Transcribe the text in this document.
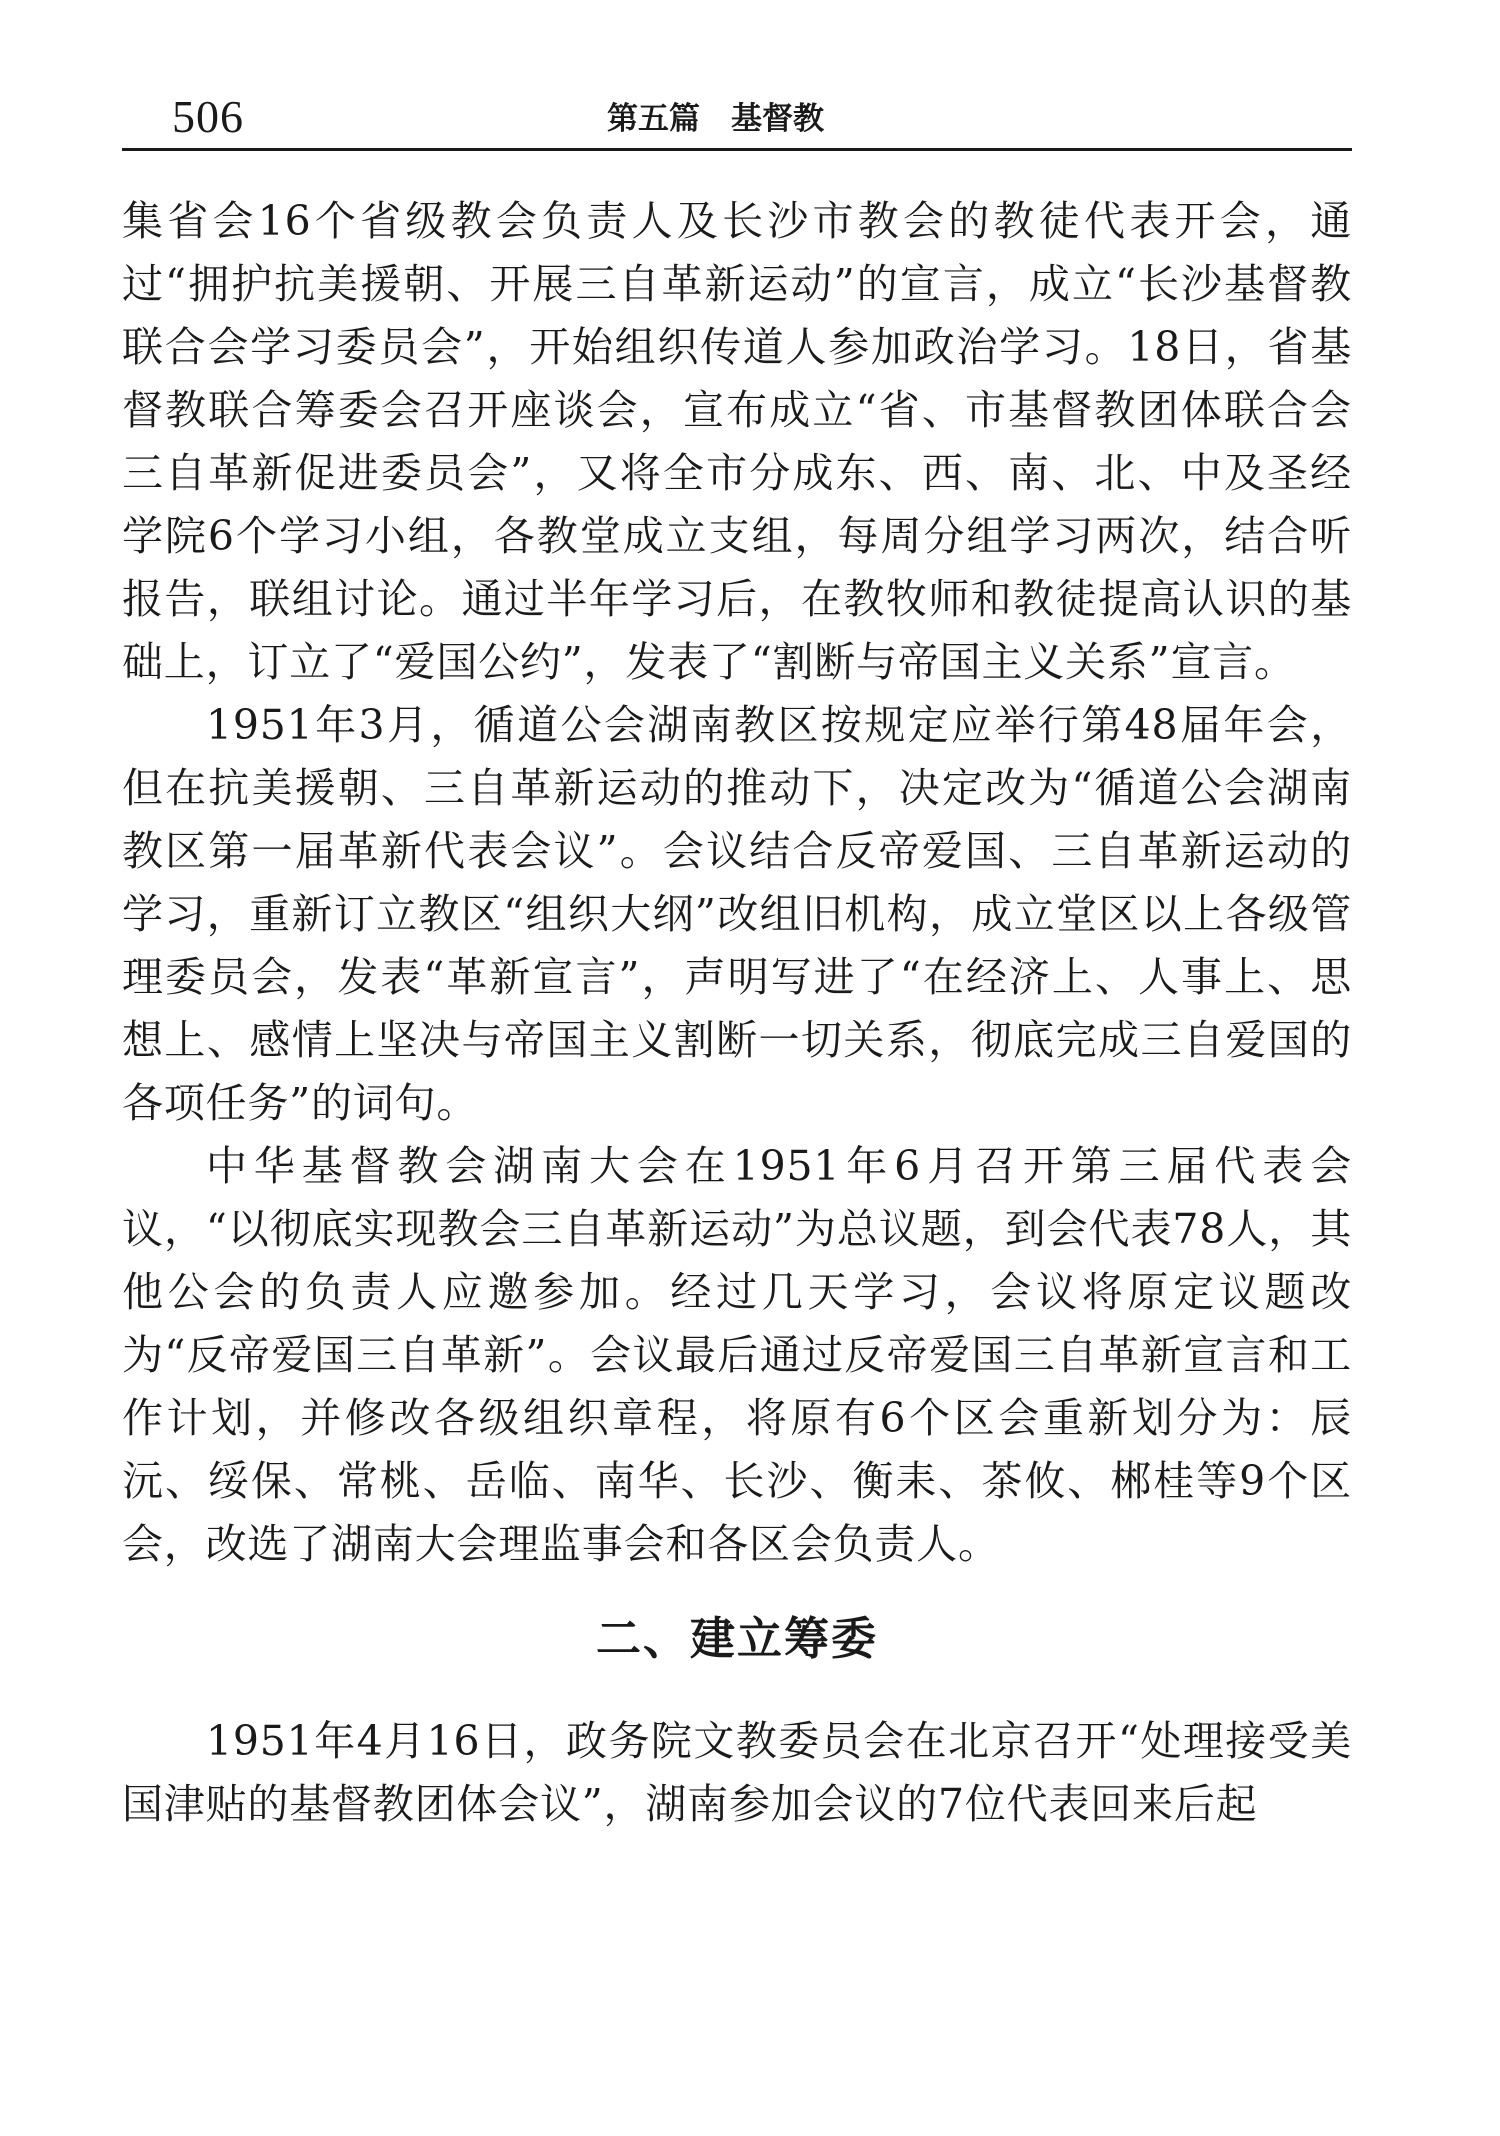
506	第五篇　基督教

集省会16个省级教会负责人及长沙市教会的教徒代表开会，通过“拥护抗美援朝、开展三自革新运动”的宣言，成立“长沙基督教联合会学习委员会”，开始组织传道人参加政治学习。18日，省基督教联合筹委会召开座谈会，宣布成立“省、市基督教团体联合会三自革新促进委员会”，又将全市分成东、西、南、北、中及圣经学院6个学习小组，各教堂成立支组，每周分组学习两次，结合听报告，联组讨论。通过半年学习后，在教牧师和教徒提高认识的基础上，订立了“爱国公约”，发表了“割断与帝国主义关系”宣言。

1951年3月，循道公会湖南教区按规定应举行第48届年会，但在抗美援朝、三自革新运动的推动下，决定改为“循道公会湖南教区第一届革新代表会议”。会议结合反帝爱国、三自革新运动的学习，重新订立教区“组织大纲”改组旧机构，成立堂区以上各级管理委员会，发表“革新宣言”，声明写进了“在经济上、人事上、思想上、感情上坚决与帝国主义割断一切关系，彻底完成三自爱国的各项任务”的词句。

中华基督教会湖南大会在1951年6月召开第三届代表会议，“以彻底实现教会三自革新运动”为总议题，到会代表78人，其他公会的负责人应邀参加。经过几天学习，会议将原定议题改为“反帝爱国三自革新”。会议最后通过反帝爱国三自革新宣言和工作计划，并修改各级组织章程，将原有6个区会重新划分为：辰沅、绥保、常桃、岳临、南华、长沙、衡耒、茶攸、郴桂等9个区会，改选了湖南大会理监事会和各区会负责人。

二、建立筹委

1951年4月16日，政务院文教委员会在北京召开“处理接受美国津贴的基督教团体会议”，湖南参加会议的7位代表回来后起
